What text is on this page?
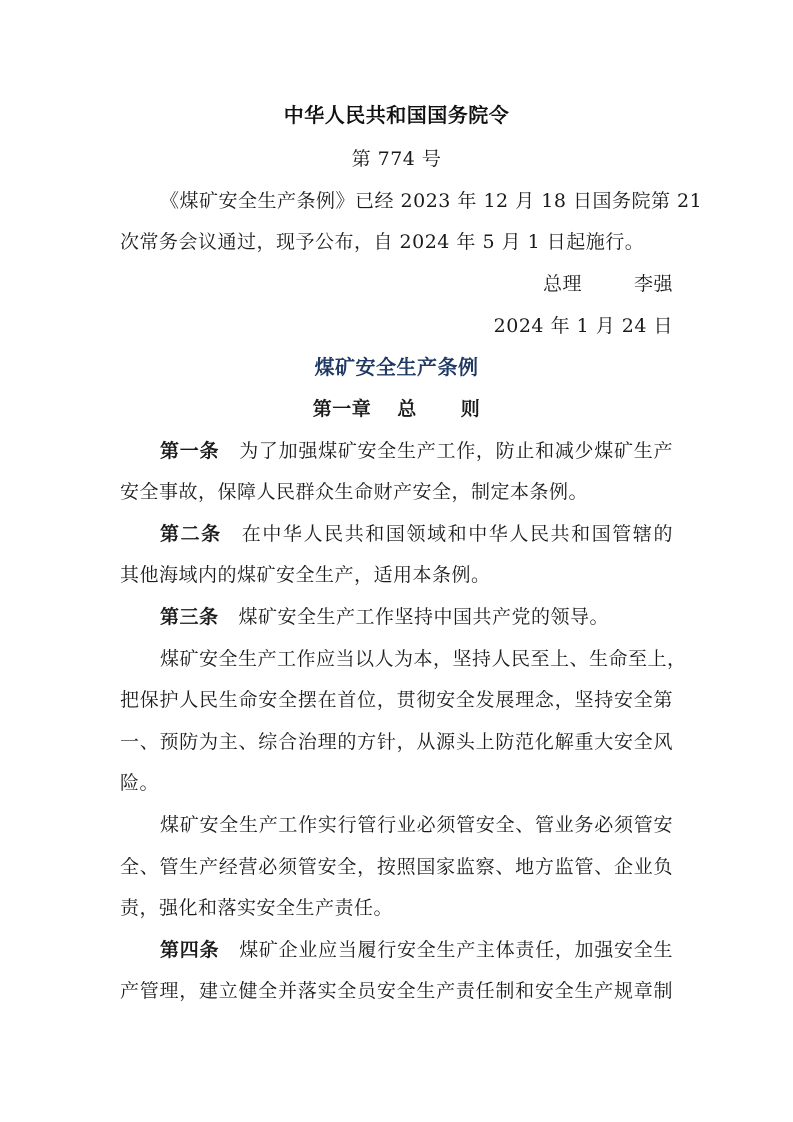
中华人民共和国国务院令
第 774 号
《煤矿安全生产条例》已经 2023 年 12 月 18 日国务院第 21
次常务会议通过，现予公布，自 2024 年 5 月 1 日起施行。
总理	李强
2024 年 1 月 24 日
煤矿安全生产条例
第一章 总 则
第一条 为了加强煤矿安全生产工作，防止和减少煤矿生产
安全事故，保障人民群众生命财产安全，制定本条例。
第二条 在中华人民共和国领域和中华人民共和国管辖的
其他海域内的煤矿安全生产，适用本条例。
第三条 煤矿安全生产工作坚持中国共产党的领导。
煤矿安全生产工作应当以人为本，坚持人民至上、生命至上，
把保护人民生命安全摆在首位，贯彻安全发展理念，坚持安全第
一、预防为主、综合治理的方针，从源头上防范化解重大安全风
险。
煤矿安全生产工作实行管行业必须管安全、管业务必须管安
全、管生产经营必须管安全，按照国家监察、地方监管、企业负
责，强化和落实安全生产责任。
第四条 煤矿企业应当履行安全生产主体责任，加强安全生
产管理，建立健全并落实全员安全生产责任制和安全生产规章制
